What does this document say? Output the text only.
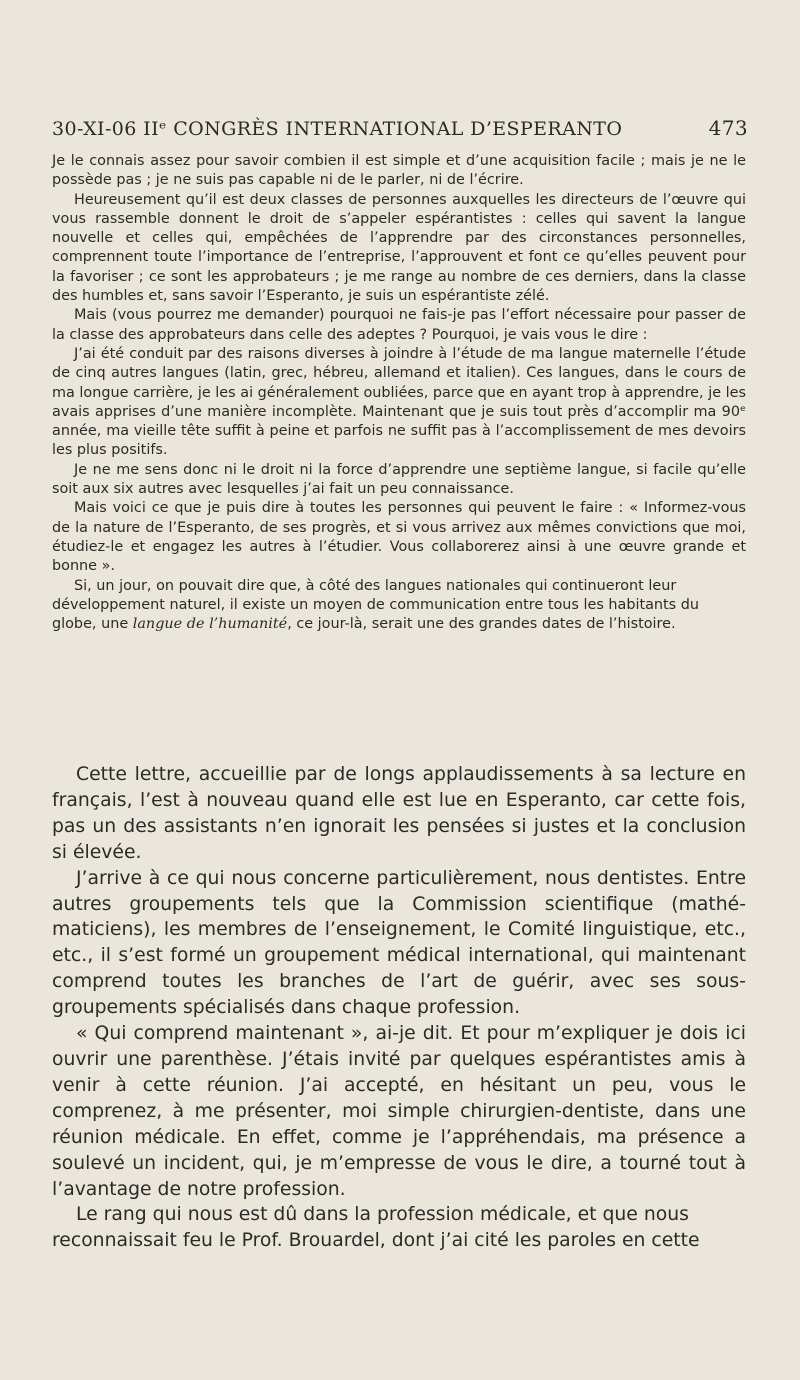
30-XI-06 IIᵉ CONGRÈS INTERNATIONAL D’ESPERANTO	473

Je le connais assez pour savoir combien il est simple et d’une acquisition facile ; mais je ne le possède pas ; je ne suis pas capable ni de le parler, ni de l’écrire.

Heureusement qu’il est deux classes de personnes auxquelles les directeurs de l’œuvre qui vous rassemble donnent le droit de s’appeler espérantistes : celles qui savent la langue nouvelle et celles qui, empêchées de l’apprendre par des circonstances personnelles, comprennent toute l’importance de l’entreprise, l’approuvent et font ce qu’elles peuvent pour la favoriser ; ce sont les approbateurs ; je me range au nombre de ces derniers, dans la classe des humbles et, sans savoir l’Esperanto, je suis un espérantiste zélé.

Mais (vous pourrez me demander) pourquoi ne fais-je pas l’effort nécessaire pour passer de la classe des approbateurs dans celle des adeptes ? Pourquoi, je vais vous le dire :

J’ai été conduit par des raisons diverses à joindre à l’étude de ma langue maternelle l’étude de cinq autres langues (latin, grec, hébreu, allemand et italien). Ces langues, dans le cours de ma longue carrière, je les ai généralement oubliées, parce que en ayant trop à apprendre, je les avais apprises d’une manière incomplète. Maintenant que je suis tout près d’accomplir ma 90ᵉ année, ma vieille tête suffit à peine et parfois ne suffit pas à l’accomplissement de mes devoirs les plus positifs.

Je ne me sens donc ni le droit ni la force d’apprendre une septième langue, si facile qu’elle soit aux six autres avec lesquelles j’ai fait un peu connaissance.

Mais voici ce que je puis dire à toutes les personnes qui peuvent le faire : « Informez-vous de la nature de l’Esperanto, de ses progrès, et si vous arrivez aux mêmes convictions que moi, étudiez-le et engagez les autres à l’étudier. Vous collaborerez ainsi à une œuvre grande et bonne ».

Si, un jour, on pouvait dire que, à côté des langues nationales qui continueront leur développement naturel, il existe un moyen de communication entre tous les habitants du globe, une langue de l’humanité, ce jour-là, serait une des grandes dates de l’histoire.

Cette lettre, accueillie par de longs applaudissements à sa lecture en français, l’est à nouveau quand elle est lue en Esperanto, car cette fois, pas un des assistants n’en ignorait les pensées si justes et la conclusion si élevée.

J’arrive à ce qui nous concerne particulièrement, nous dentistes. Entre autres groupements tels que la Commission scientifique (mathématiciens), les membres de l’enseignement, le Comité linguistique, etc., etc., il s’est formé un groupement médical international, qui maintenant comprend toutes les branches de l’art de guérir, avec ses sous-groupements spécialisés dans chaque profession.

« Qui comprend maintenant », ai-je dit. Et pour m’expliquer je dois ici ouvrir une parenthèse. J’étais invité par quelques espérantistes amis à venir à cette réunion. J’ai accepté, en hésitant un peu, vous le comprenez, à me présenter, moi simple chirurgien-dentiste, dans une réunion médicale. En effet, comme je l’appréhendais, ma présence a soulevé un incident, qui, je m’empresse de vous le dire, a tourné tout à l’avantage de notre profession.

Le rang qui nous est dû dans la profession médicale, et que nous reconnaissait feu le Prof. Brouardel, dont j’ai cité les paroles en cette
